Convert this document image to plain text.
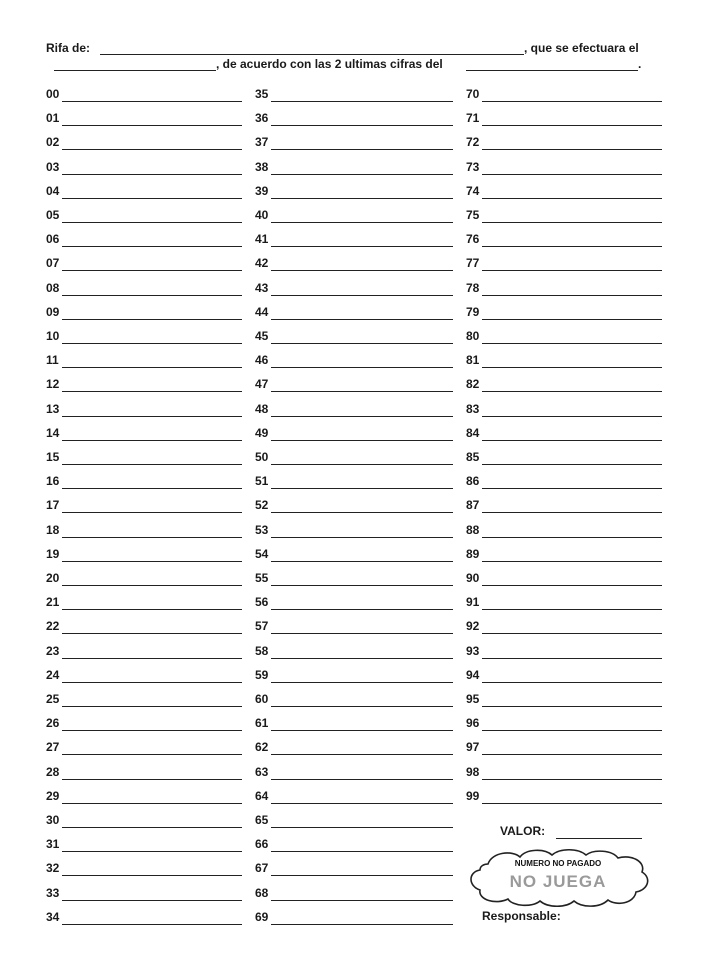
Rifa de:	, que se efectuara el
, de acuerdo con las 2 ultimas cifras del	.
00
01
02
03
04
05
06
07
08
09
10
11
12
13
14
15
16
17
18
19
20
21
22
23
24
25
26
27
28
29
30
31
32
33
34
35
36
37
38
39
40
41
42
43
44
45
46
47
48
49
50
51
52
53
54
55
56
57
58
59
60
61
62
63
64
65
66
67
68
69
70
71
72
73
74
75
76
77
78
79
80
81
82
83
84
85
86
87
88
89
90
91
92
93
94
95
96
97
98
99
VALOR:
NUMERO NO PAGADO
NO JUEGA
Responsable:
